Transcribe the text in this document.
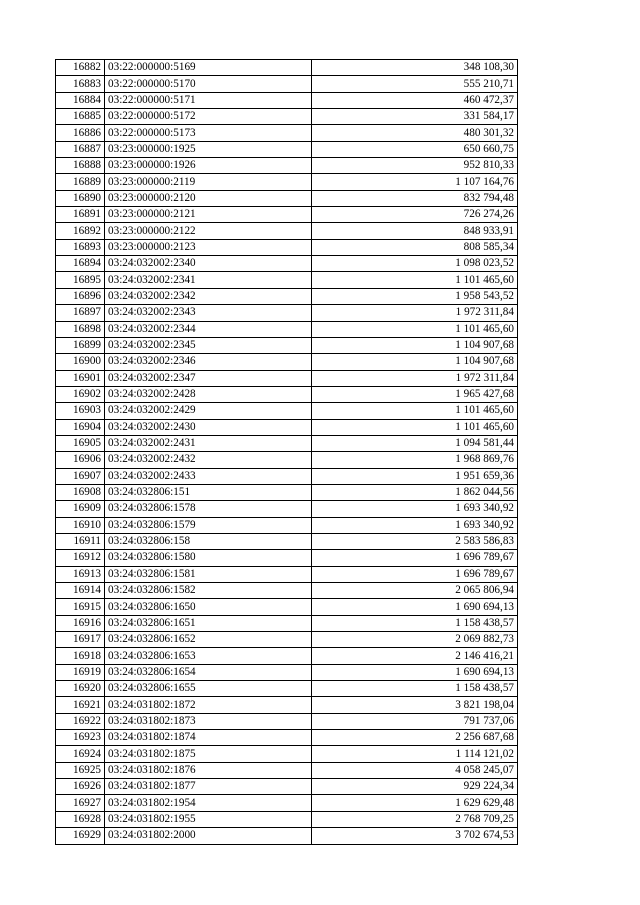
16882	03:22:000000:5169	348 108,30
16883	03:22:000000:5170	555 210,71
16884	03:22:000000:5171	460 472,37
16885	03:22:000000:5172	331 584,17
16886	03:22:000000:5173	480 301,32
16887	03:23:000000:1925	650 660,75
16888	03:23:000000:1926	952 810,33
16889	03:23:000000:2119	1 107 164,76
16890	03:23:000000:2120	832 794,48
16891	03:23:000000:2121	726 274,26
16892	03:23:000000:2122	848 933,91
16893	03:23:000000:2123	808 585,34
16894	03:24:032002:2340	1 098 023,52
16895	03:24:032002:2341	1 101 465,60
16896	03:24:032002:2342	1 958 543,52
16897	03:24:032002:2343	1 972 311,84
16898	03:24:032002:2344	1 101 465,60
16899	03:24:032002:2345	1 104 907,68
16900	03:24:032002:2346	1 104 907,68
16901	03:24:032002:2347	1 972 311,84
16902	03:24:032002:2428	1 965 427,68
16903	03:24:032002:2429	1 101 465,60
16904	03:24:032002:2430	1 101 465,60
16905	03:24:032002:2431	1 094 581,44
16906	03:24:032002:2432	1 968 869,76
16907	03:24:032002:2433	1 951 659,36
16908	03:24:032806:151	1 862 044,56
16909	03:24:032806:1578	1 693 340,92
16910	03:24:032806:1579	1 693 340,92
16911	03:24:032806:158	2 583 586,83
16912	03:24:032806:1580	1 696 789,67
16913	03:24:032806:1581	1 696 789,67
16914	03:24:032806:1582	2 065 806,94
16915	03:24:032806:1650	1 690 694,13
16916	03:24:032806:1651	1 158 438,57
16917	03:24:032806:1652	2 069 882,73
16918	03:24:032806:1653	2 146 416,21
16919	03:24:032806:1654	1 690 694,13
16920	03:24:032806:1655	1 158 438,57
16921	03:24:031802:1872	3 821 198,04
16922	03:24:031802:1873	791 737,06
16923	03:24:031802:1874	2 256 687,68
16924	03:24:031802:1875	1 114 121,02
16925	03:24:031802:1876	4 058 245,07
16926	03:24:031802:1877	929 224,34
16927	03:24:031802:1954	1 629 629,48
16928	03:24:031802:1955	2 768 709,25
16929	03:24:031802:2000	3 702 674,53
